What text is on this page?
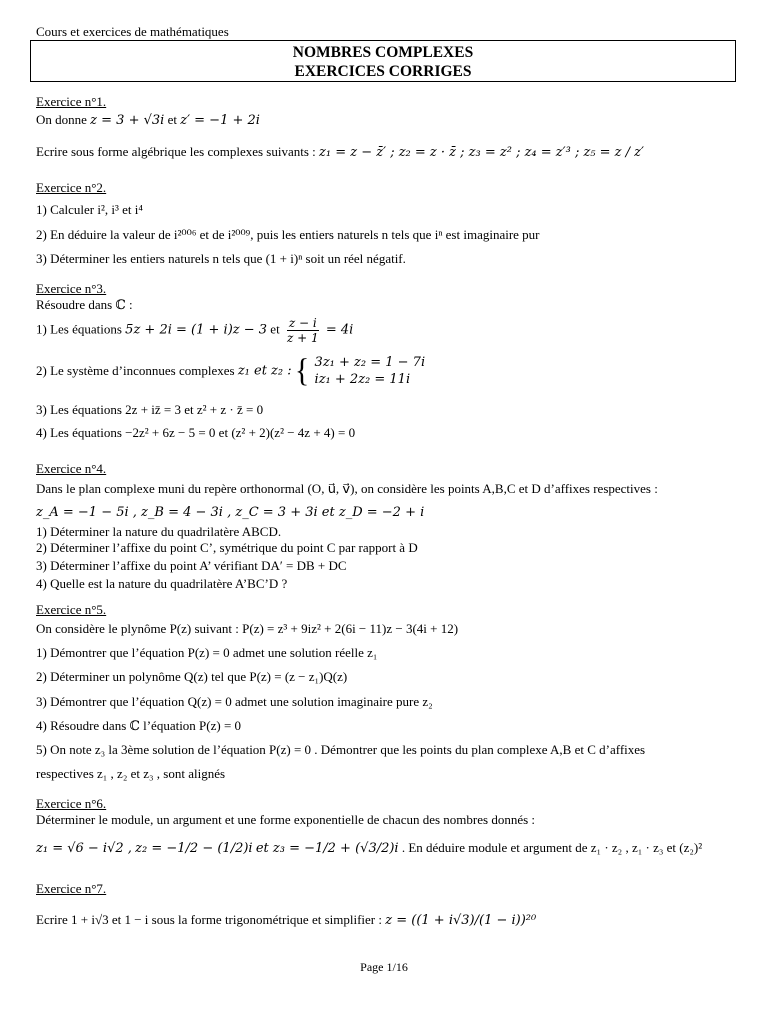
Cours et exercices de mathématiques
NOMBRES COMPLEXES
EXERCICES CORRIGES
Exercice n°1.
On donne z = 3 + √3i et z′ = −1 + 2i
Ecrire sous forme algébrique les complexes suivants : z₁ = z − z̄′ ; z₂ = z · z̄ ; z₃ = z² ; z₄ = z′³ ; z₅ = z / z′
Exercice n°2.
1) Calculer i², i³ et i⁴
2) En déduire la valeur de i²⁰⁰⁶ et de i²⁰⁰⁹, puis les entiers naturels n tels que iⁿ est imaginaire pur
3) Déterminer les entiers naturels n tels que (1 + i)ⁿ soit un réel négatif.
Exercice n°3.
Résoudre dans ℂ :
1) Les équations 5z + 2i = (1 + i)z − 3 et $\frac{z - i}{z + 1} = 4i$
2) Le système d’inconnues complexes z₁ et z₂ : { 3z₁ + z₂ = 1 − 7i
iz₁ + 2z₂ = 11i
3) Les équations 2z + iz̄ = 3 et z² + z · z̄ = 0
4) Les équations −2z² + 6z − 5 = 0 et (z² + 2)(z² − 4z + 4) = 0
Exercice n°4.
Dans le plan complexe muni du repère orthonormal (O, u⃗, v⃗), on considère les points A,B,C et D d’affixes respectives :
z_A = −1 − 5i , z_B = 4 − 3i , z_C = 3 + 3i et z_D = −2 + i
1) Déterminer la nature du quadrilatère ABCD.
2) Déterminer l’affixe du point C’, symétrique du point C par rapport à D
3) Déterminer l’affixe du point A’ vérifiant DA′ = DB + DC
4) Quelle est la nature du quadrilatère A’BC’D ?
Exercice n°5.
On considère le plynôme P(z) suivant : P(z) = z³ + 9iz² + 2(6i − 11)z − 3(4i + 12)
1) Démontrer que l’équation P(z) = 0 admet une solution réelle z₁
2) Déterminer un polynôme Q(z) tel que P(z) = (z − z₁)Q(z)
3) Démontrer que l’équation Q(z) = 0 admet une solution imaginaire pure z₂
4) Résoudre dans ℂ l’équation P(z) = 0
5) On note z₃ la 3ème solution de l’équation P(z) = 0 . Démontrer que les points du plan complexe A,B et C d’affixes
respectives z₁ , z₂ et z₃ , sont alignés
Exercice n°6.
Déterminer le module, un argument et une forme exponentielle de chacun des nombres donnés :
z₁ = √6 − i√2 , z₂ = −1/2 − (1/2)i et z₃ = −1/2 + (√3/2)i . En déduire module et argument de z₁ · z₂ , z₁ · z₃ et (z₂)²
Exercice n°7.
Ecrire 1 + i√3 et 1 − i sous la forme trigonométrique et simplifier : z = ((1 + i√3)/(1 − i))²⁰
Page 1/16
